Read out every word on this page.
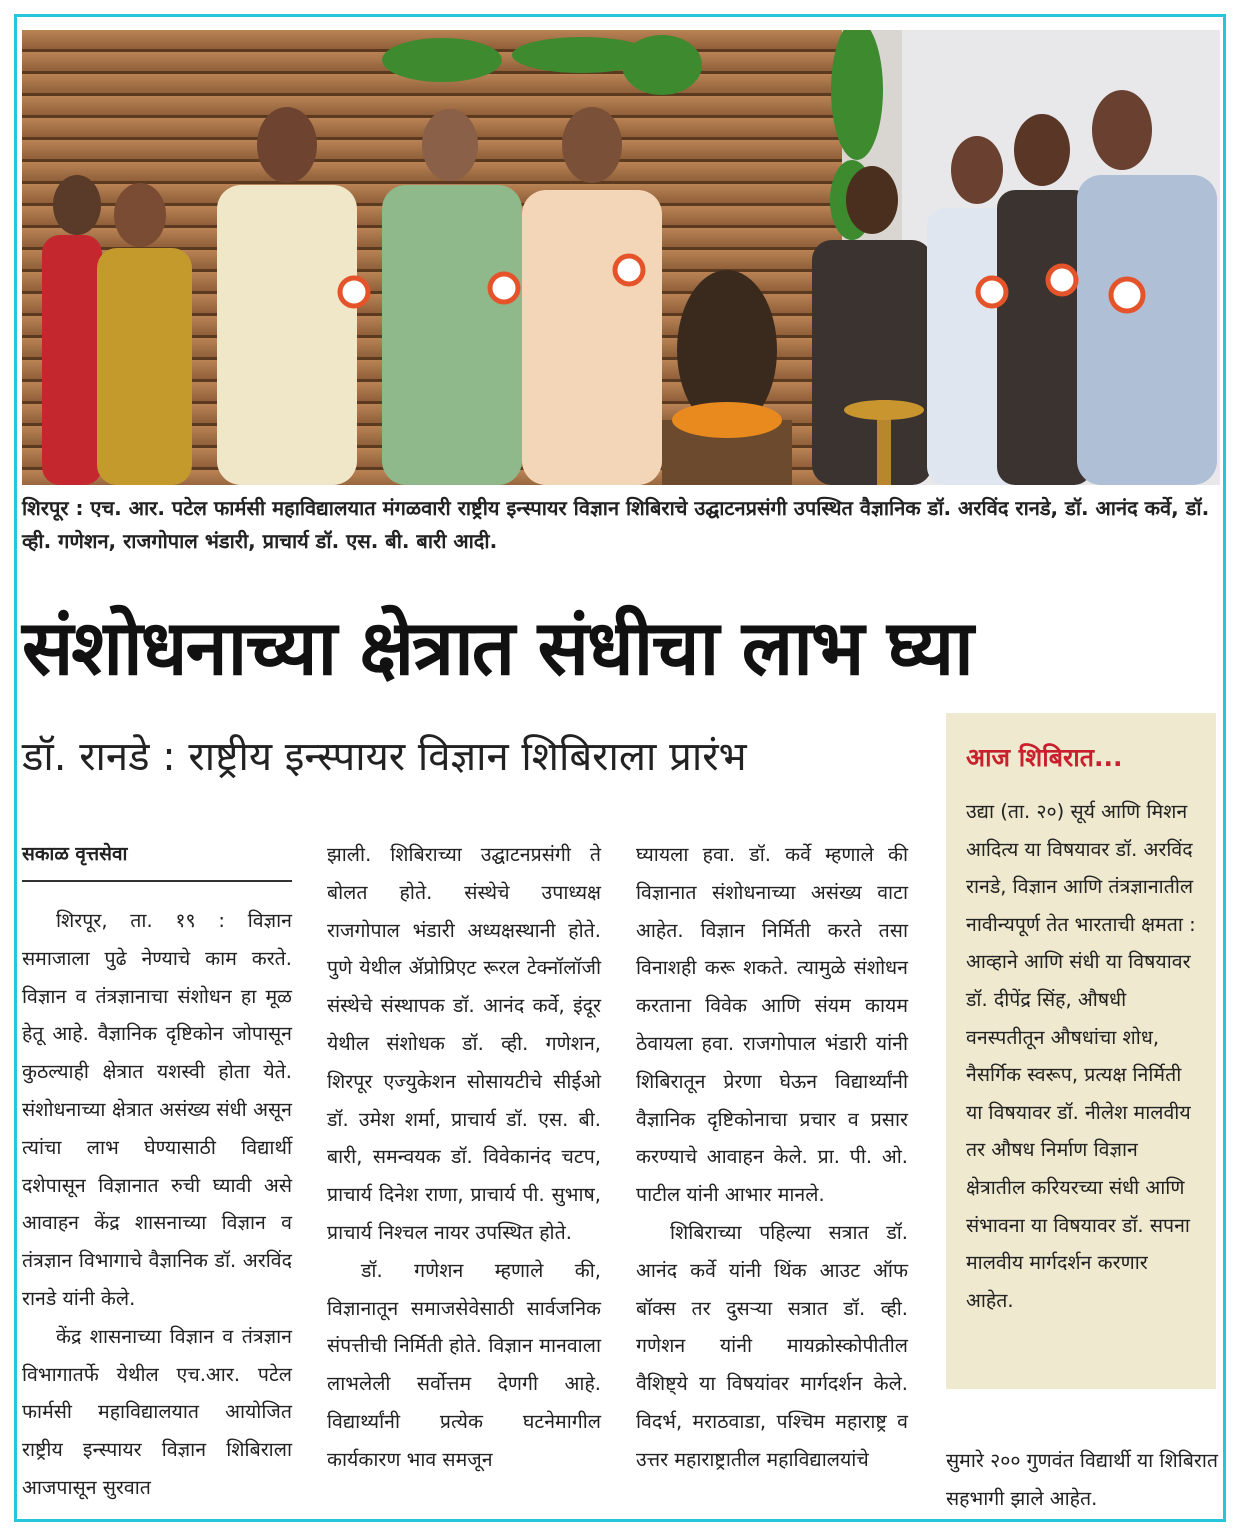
शिरपूर : एच. आर. पटेल फार्मसी महाविद्यालयात मंगळवारी राष्ट्रीय इन्स्पायर विज्ञान शिबिराचे उद्घाटनप्रसंगी उपस्थित वैज्ञानिक डॉ. अरविंद रानडे, डॉ. आनंद कर्वे, डॉ. व्ही. गणेशन, राजगोपाल भंडारी, प्राचार्य डॉ. एस. बी. बारी आदी.
संशोधनाच्या क्षेत्रात संधीचा लाभ घ्या
डॉ. रानडे : राष्ट्रीय इन्स्पायर विज्ञान शिबिराला प्रारंभ
सकाळ वृत्तसेवा

शिरपूर, ता. १९ : विज्ञान समाजाला पुढे नेण्याचे काम करते. विज्ञान व तंत्रज्ञानाचा संशोधन हा मूळ हेतू आहे. वैज्ञानिक दृष्टिकोन जोपासून कुठल्याही क्षेत्रात यशस्वी होता येते. संशोधनाच्या क्षेत्रात असंख्य संधी असून त्यांचा लाभ घेण्यासाठी विद्यार्थी दशेपासून विज्ञानात रुची घ्यावी असे आवाहन केंद्र शासनाच्या विज्ञान व तंत्रज्ञान विभागाचे वैज्ञानिक डॉ. अरविंद रानडे यांनी केले.

केंद्र शासनाच्या विज्ञान व तंत्रज्ञान विभागातर्फे येथील एच.आर. पटेल फार्मसी महाविद्यालयात आयोजित राष्ट्रीय इन्स्पायर विज्ञान शिबिराला आजपासून सुरवात

झाली. शिबिराच्या उद्घाटनप्रसंगी ते बोलत होते. संस्थेचे उपाध्यक्ष राजगोपाल भंडारी अध्यक्षस्थानी होते. पुणे येथील ॲप्रोप्रिएट रूरल टेक्नॉलॉजी संस्थेचे संस्थापक डॉ. आनंद कर्वे, इंदूर येथील संशोधक डॉ. व्ही. गणेशन, शिरपूर एज्युकेशन सोसायटीचे सीईओ डॉ. उमेश शर्मा, प्राचार्य डॉ. एस. बी. बारी, समन्वयक डॉ. विवेकानंद चटप, प्राचार्य दिनेश राणा, प्राचार्य पी. सुभाष, प्राचार्य निश्चल नायर उपस्थित होते.

डॉ. गणेशन म्हणाले की, विज्ञानातून समाजसेवेसाठी सार्वजनिक संपत्तीची निर्मिती होते. विज्ञान मानवाला लाभलेली सर्वोत्तम देणगी आहे. विद्यार्थ्यांनी प्रत्येक घटनेमागील कार्यकारण भाव समजून

घ्यायला हवा. डॉ. कर्वे म्हणाले की विज्ञानात संशोधनाच्या असंख्य वाटा आहेत. विज्ञान निर्मिती करते तसा विनाशही करू शकते. त्यामुळे संशोधन करताना विवेक आणि संयम कायम ठेवायला हवा. राजगोपाल भंडारी यांनी शिबिरातून प्रेरणा घेऊन विद्यार्थ्यांनी वैज्ञानिक दृष्टिकोनाचा प्रचार व प्रसार करण्याचे आवाहन केले. प्रा. पी. ओ. पाटील यांनी आभार मानले.

शिबिराच्या पहिल्या सत्रात डॉ. आनंद कर्वे यांनी थिंक आउट ऑफ बॉक्स तर दुसऱ्या सत्रात डॉ. व्ही. गणेशन यांनी मायक्रोस्कोपीतील वैशिष्ट्ये या विषयांवर मार्गदर्शन केले. विदर्भ, मराठवाडा, पश्चिम महाराष्ट्र व उत्तर महाराष्ट्रातील महाविद्यालयांचे

आज शिबिरात...
उद्या (ता. २०) सूर्य आणि मिशन आदित्य या विषयावर डॉ. अरविंद रानडे, विज्ञान आणि तंत्रज्ञानातील नावीन्यपूर्ण तेत भारताची क्षमता : आव्हाने आणि संधी या विषयावर डॉ. दीपेंद्र सिंह, औषधी वनस्पतीतून औषधांचा शोध, नैसर्गिक स्वरूप, प्रत्यक्ष निर्मिती या विषयावर डॉ. नीलेश मालवीय तर औषध निर्माण विज्ञान क्षेत्रातील करियरच्या संधी आणि संभावना या विषयावर डॉ. सपना मालवीय मार्गदर्शन करणार आहेत.
सुमारे २०० गुणवंत विद्यार्थी या शिबिरात सहभागी झाले आहेत.
